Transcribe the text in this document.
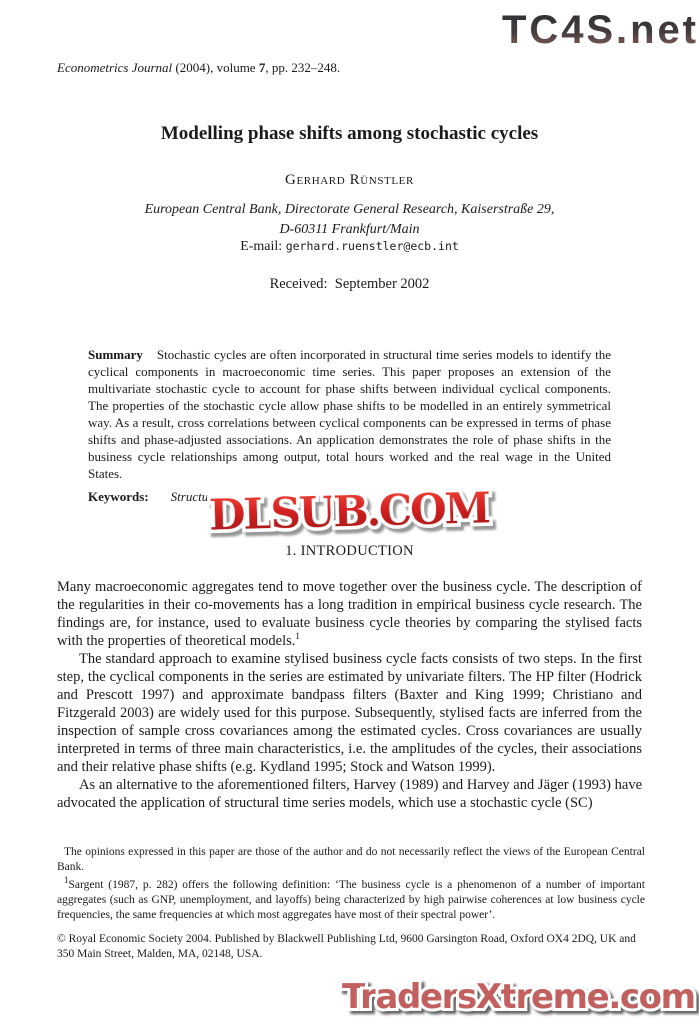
TC4S.net
Econometrics Journal (2004), volume 7, pp. 232–248.
Modelling phase shifts among stochastic cycles
Gerhard Rünstler
European Central Bank, Directorate General Research, Kaiserstraße 29,
D-60311 Frankfurt/Main
E-mail: gerhard.ruenstler@ecb.int
Received:  September 2002
Summary Stochastic cycles are often incorporated in structural time series models to identify the cyclical components in macroeconomic time series. This paper proposes an extension of the multivariate stochastic cycle to account for phase shifts between individual cyclical components. The properties of the stochastic cycle allow phase shifts to be modelled in an entirely symmetrical way. As a result, cross correlations between cyclical components can be expressed in terms of phase shifts and phase-adjusted associations. An application demonstrates the role of phase shifts in the business cycle relationships among output, total hours worked and the real wage in the United States.
Keywords: Structu DLSUB.COM
1. INTRODUCTION

Many macroeconomic aggregates tend to move together over the business cycle. The description of the regularities in their co-movements has a long tradition in empirical business cycle research. The findings are, for instance, used to evaluate business cycle theories by comparing the stylised facts with the properties of theoretical models.$^1$

The standard approach to examine stylised business cycle facts consists of two steps. In the first step, the cyclical components in the series are estimated by univariate filters. The HP filter (Hodrick and Prescott 1997) and approximate bandpass filters (Baxter and King 1999; Christiano and Fitzgerald 2003) are widely used for this purpose. Subsequently, stylised facts are inferred from the inspection of sample cross covariances among the estimated cycles. Cross covariances are usually interpreted in terms of three main characteristics, i.e. the amplitudes of the cycles, their associations and their relative phase shifts (e.g. Kydland 1995; Stock and Watson 1999).

As an alternative to the aforementioned filters, Harvey (1989) and Harvey and Jäger (1993) have advocated the application of structural time series models, which use a stochastic cycle (SC)

The opinions expressed in this paper are those of the author and do not necessarily reflect the views of the European Central Bank.

$^1$Sargent (1987, p. 282) offers the following definition: ‘The business cycle is a phenomenon of a number of important aggregates (such as GNP, unemployment, and layoffs) being characterized by high pairwise coherences at low business cycle frequencies, the same frequencies at which most aggregates have most of their spectral power’.

© Royal Economic Society 2004. Published by Blackwell Publishing Ltd, 9600 Garsington Road, Oxford OX4 2DQ, UK and 350 Main Street, Malden, MA, 02148, USA.
TradersXtreme.com
